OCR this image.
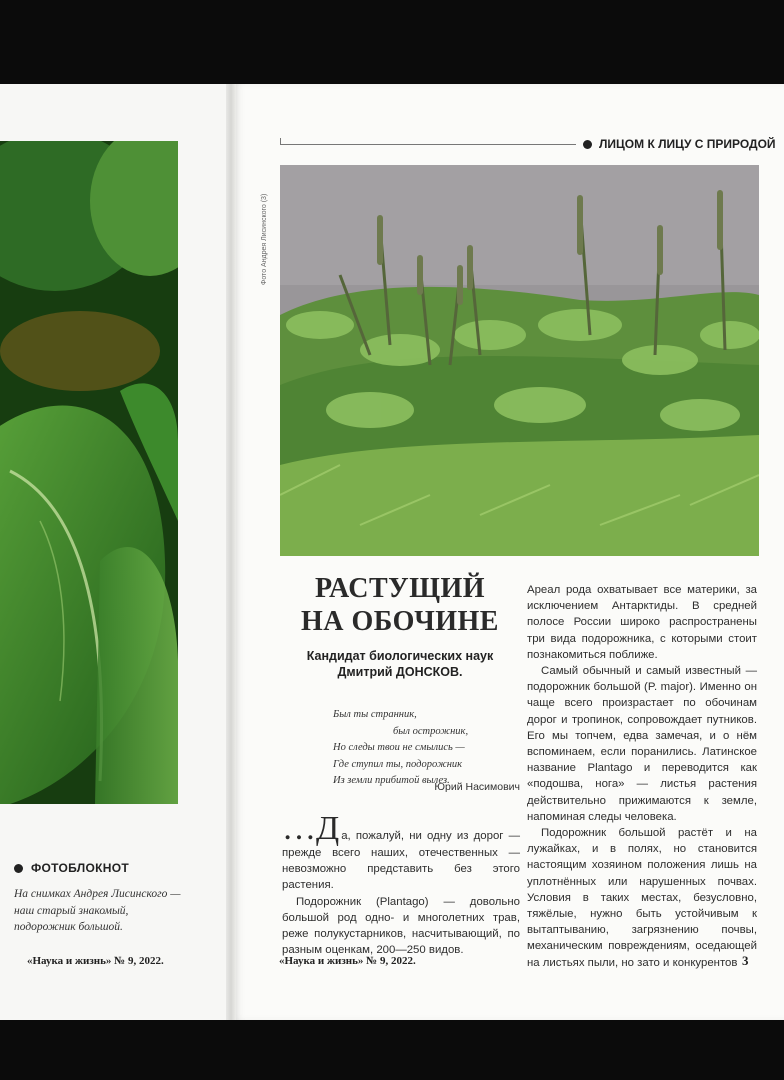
ФОТОБЛОКНОТ
На снимках Андрея Лисинского — наш старый знакомый, подорожник большой.
«Наука и жизнь» № 9, 2022.
ЛИЦОМ К ЛИЦУ С ПРИРОДОЙ
Фото Андрея Лисинского (3)
РАСТУЩИЙ
НА ОБОЧИНЕ
Кандидат биологических наук
Дмитрий ДОНСКОВ.
Был ты странник,
был острожник,
Но следы твои не смылись —
Где ступил ты, подорожник
Из земли прибитой вылез.
Юрий Насимович

…Д а, пожалуй, ни одну из дорог — прежде всего наших, отечественных — невозможно представить без этого растения.

Подорожник (Plantago) — довольно большой род одно- и многолетних трав, реже полукустарников, насчитывающий, по разным оценкам, 200—250 видов.

Ареал рода охватывает все материки, за исключением Антарктиды. В средней полосе России широко распространены три вида подорожника, с которыми стоит познакомиться поближе.

Самый обычный и самый известный — подорожник большой (P. major). Именно он чаще всего произрастает по обочинам дорог и тропинок, сопровождает путников. Его мы топчем, едва замечая, и о нём вспоминаем, если поранились. Латинское название Plantago и переводится как «подошва, нога» — листья растения действительно прижимаются к земле, напоминая следы человека.

Подорожник большой растёт и на лужайках, и в полях, но становится настоящим хозяином положения лишь на уплотнённых или нарушенных почвах. Условия в таких местах, безусловно, тяжёлые, нужно быть устойчивым к вытаптыванию, загрязнению почвы, механическим повреждениям, оседающей на листьях пыли, но зато и конкурентов

«Наука и жизнь» № 9, 2022.	3
